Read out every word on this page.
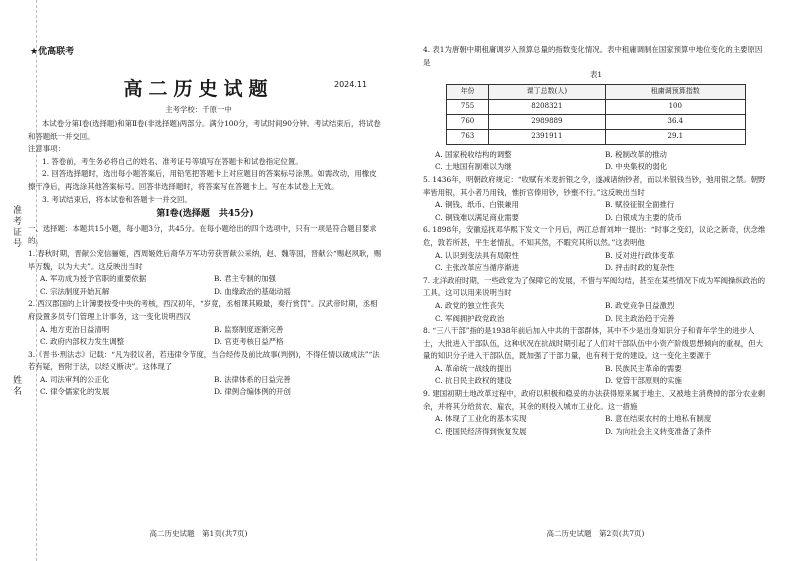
准考证号
姓名
★优高联考
高二历史试题	2024.11
主考学校：千原一中

本试卷分第Ⅰ卷(选择题)和第Ⅱ卷(非选择题)两部分。满分100分，考试时间90分钟。考试结束后，将试卷和答题纸一并交回。

注意事项：

1. 答卷前，考生务必将自己的姓名、准考证号等填写在答题卡和试卷指定位置。

2. 回答选择题时，选出每小题答案后，用铅笔把答题卡上对应题目的答案标号涂黑。如需改动，用橡皮擦干净后，再选涂其他答案标号。回答非选择题时，将答案写在答题卡上。写在本试卷上无效。

3. 考试结束后，将本试卷和答题卡一并交回。

第Ⅰ卷(选择题　共45分)

一、选择题：本题共15小题，每小题3分，共45分。在每小题给出的四个选项中，只有一项是符合题目要求的。

1. 春秋时期，晋献公宠信骊姬，西周姬姓后裔华万军功劳获晋献公采纳，赵、魏等国，晋献公“赐赵夙耿，赐毕万魏，以为大夫”。这反映出当时

A. 军功成为授予官职的重要依据	B. 君主专制的加强
C. 宗法制度开始瓦解	D. 血缘政治的基础动摇

2. 西汉郡国的上计簿要按受中央的考核，西汉初年，“岁竟，丞相课其殿最，奏行赏罚”。汉武帝时期，丞相府设置多员专门管理上计事务，这一变化说明西汉

A. 地方吏治日益清明	B. 监察制度逐渐完善
C. 政府内部权力发生调整	D. 官吏考核日益严格

3.《晋书·刑法志》记载：“凡为驳议者，若违律令节度，当合经传及前比故事(判例)，不得任情以破成法”“法若有疑，皆附于法，以经义断决”。这体现了

A. 司法审判的公正化	B. 法律体系的日益完善
C. 律令儒家化的发展	D. 律例合编体例的开创
高二历史试题　第1页(共7页)

4. 表1为唐朝中期租庸调岁入预算总量的指数变化情况。表中租庸调制在国家预算中地位变化的主要原因是

表1

年份	课丁总数(人)	租庸调预算指数
755	8208321	100
760	2989889	36.4
763	2391911	29.1
A. 国家税收结构的调整	B. 税制改革的推动
C. 土地国有制难以为继	D. 中央集权的弱化

5. 1436年，明朝政府规定：“收赋有米麦折银之令，遂减诸纳钞者，而以米银钱当钞，弛用银之禁。朝野率皆用银，其小者乃用钱，惟折官俸用钞，钞壅不行。”这反映出当时

A. 铜钱、纸币、白银兼用	B. 赋役征银全面推行
C. 铜钱难以满足商业需要	D. 白银成为主要的货币

6. 1898年，安徽巡抚邓华熙下发文一个月后，两江总督刘坤一提出：“时事之变幻，议论之新奇，伏念维危，敦若所甚，平生老情乱，不知其然，不暇究其所以然。”这表明他

A. 认识到变法具有局限性	B. 反对进行政体变革
C. 主张改革应当循序渐进	D. 抨击时政的复杂性

7. 北洋政府时期，一些政党为了保障它的发展，不惜与军阀勾结，甚至在某些情况下成为军阀操纵政治的工具。这可以用来说明当时

A. 政党的独立性丧失	B. 政党竞争日益激烈
C. 军阀拥护政党政治	D. 民主政治趋于完善

8. “三八干部”指的是1938年前后加入中共的干部群体，其中不少是出身知识分子和青年学生的进步人士，大批进入干部队伍，这种状况在抗战时期引起了人们对干部队伍中小资产阶级思想倾向的重视，但大量的知识分子进入干部队伍，既加强了干部力量，也有利于党的建设。这一变化主要源于

A. 革命统一战线的提出	B. 民族民主革命的需要
C. 抗日民主政权的建设	D. 党管干部原则的实施

9. 建国初期土地改革过程中，政府以积极和稳妥的办法获得原来属于地主、又被地主消费掉的部分农业剩余，并将其分给贫农、雇农，其余的则投入城市工业化。这一措施

A. 体现了工业化的基本实现	B. 意在结束农村的土地私有制度
C. 使国民经济得到恢复发展	D. 为向社会主义转变准备了条件
高二历史试题　第2页(共7页)
